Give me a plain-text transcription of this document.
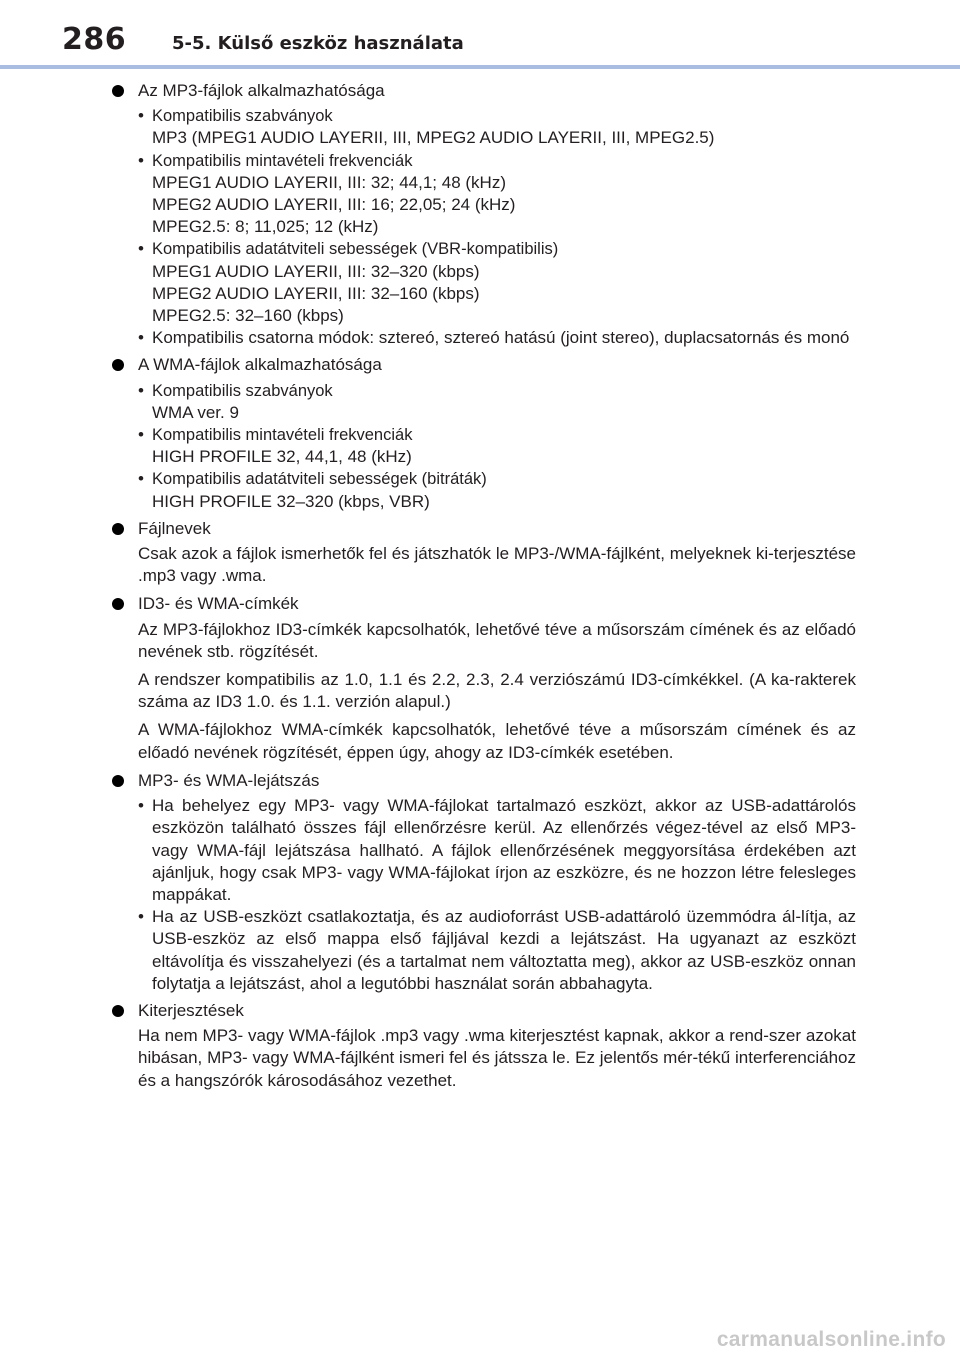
286	5-5. Külső eszköz használata
Az MP3-fájlok alkalmazhatósága
• Kompatibilis szabványok
MP3 (MPEG1 AUDIO LAYERII, III, MPEG2 AUDIO LAYERII, III, MPEG2.5)
• Kompatibilis mintavételi frekvenciák
MPEG1 AUDIO LAYERII, III: 32; 44,1; 48 (kHz)
MPEG2 AUDIO LAYERII, III: 16; 22,05; 24 (kHz)
MPEG2.5: 8; 11,025; 12 (kHz)
• Kompatibilis adatátviteli sebességek (VBR-kompatibilis)
MPEG1 AUDIO LAYERII, III: 32–320 (kbps)
MPEG2 AUDIO LAYERII, III: 32–160 (kbps)
MPEG2.5: 32–160 (kbps)
• Kompatibilis csatorna módok: sztereó, sztereó hatású (joint stereo), duplacsatornás és monó
A WMA-fájlok alkalmazhatósága
• Kompatibilis szabványok
WMA ver. 9
• Kompatibilis mintavételi frekvenciák
HIGH PROFILE 32, 44,1, 48 (kHz)
• Kompatibilis adatátviteli sebességek (bitráták)
HIGH PROFILE 32–320 (kbps, VBR)
Fájlnevek

Csak azok a fájlok ismerhetők fel és játszhatók le MP3-/WMA-fájlként, melyeknek ki-terjesztése .mp3 vagy .wma.

ID3- és WMA-címkék

Az MP3-fájlokhoz ID3-címkék kapcsolhatók, lehetővé téve a műsorszám címének és az előadó nevének stb. rögzítését.

A rendszer kompatibilis az 1.0, 1.1 és 2.2, 2.3, 2.4 verziószámú ID3-címkékkel. (A ka-rakterek száma az ID3 1.0. és 1.1. verzión alapul.)

A WMA-fájlokhoz WMA-címkék kapcsolhatók, lehetővé téve a műsorszám címének és az előadó nevének rögzítését, éppen úgy, ahogy az ID3-címkék esetében.

MP3- és WMA-lejátszás
• Ha behelyez egy MP3- vagy WMA-fájlokat tartalmazó eszközt, akkor az USB-adattárolós eszközön található összes fájl ellenőrzésre kerül. Az ellenőrzés végez-tével az első MP3- vagy WMA-fájl lejátszása hallható. A fájlok ellenőrzésének meggyorsítása érdekében azt ajánljuk, hogy csak MP3- vagy WMA-fájlokat írjon az eszközre, és ne hozzon létre felesleges mappákat.
• Ha az USB-eszközt csatlakoztatja, és az audioforrást USB-adattároló üzemmódra ál-lítja, az USB-eszköz az első mappa első fájljával kezdi a lejátszást. Ha ugyanazt az eszközt eltávolítja és visszahelyezi (és a tartalmat nem változtatta meg), akkor az USB-eszköz onnan folytatja a lejátszást, ahol a legutóbbi használat során abbahagyta.
Kiterjesztések

Ha nem MP3- vagy WMA-fájlok .mp3 vagy .wma kiterjesztést kapnak, akkor a rend-szer azokat hibásan, MP3- vagy WMA-fájlként ismeri fel és játssza le. Ez jelentős mér-tékű interferenciához és a hangszórók károsodásához vezethet.

carmanualsonline.info
